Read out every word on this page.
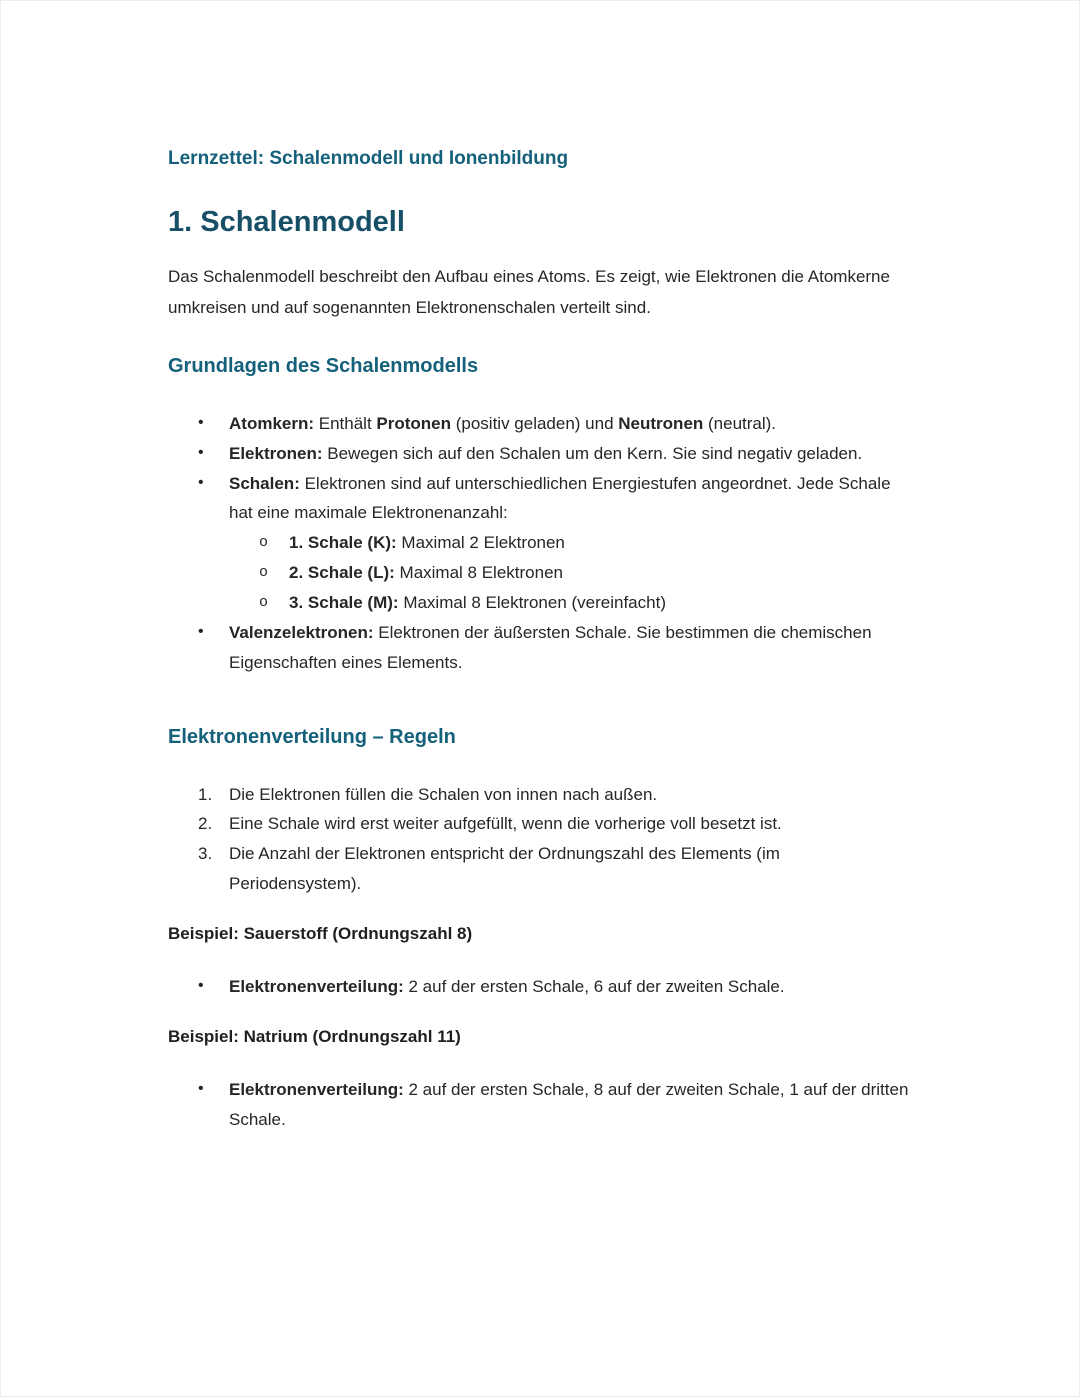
Lernzettel: Schalenmodell und Ionenbildung

1. Schalenmodell

Das Schalenmodell beschreibt den Aufbau eines Atoms. Es zeigt, wie Elektronen die Atomkerne umkreisen und auf sogenannten Elektronenschalen verteilt sind.

Grundlagen des Schalenmodells
•	Atomkern: Enthält Protonen (positiv geladen) und Neutronen (neutral).
•	Elektronen: Bewegen sich auf den Schalen um den Kern. Sie sind negativ geladen.
•	Schalen: Elektronen sind auf unterschiedlichen Energiestufen angeordnet. Jede Schale hat eine maximale Elektronenanzahl:
o	1. Schale (K): Maximal 2 Elektronen
o	2. Schale (L): Maximal 8 Elektronen
o	3. Schale (M): Maximal 8 Elektronen (vereinfacht)
•	Valenzelektronen: Elektronen der äußersten Schale. Sie bestimmen die chemischen Eigenschaften eines Elements.
Elektronenverteilung – Regeln
1. Die Elektronen füllen die Schalen von innen nach außen.
2. Eine Schale wird erst weiter aufgefüllt, wenn die vorherige voll besetzt ist.
3. Die Anzahl der Elektronen entspricht der Ordnungszahl des Elements (im Periodensystem).

Beispiel: Sauerstoff (Ordnungszahl 8)

•	Elektronenverteilung: 2 auf der ersten Schale, 6 auf der zweiten Schale.

Beispiel: Natrium (Ordnungszahl 11)

•	Elektronenverteilung: 2 auf der ersten Schale, 8 auf der zweiten Schale, 1 auf der dritten Schale.
